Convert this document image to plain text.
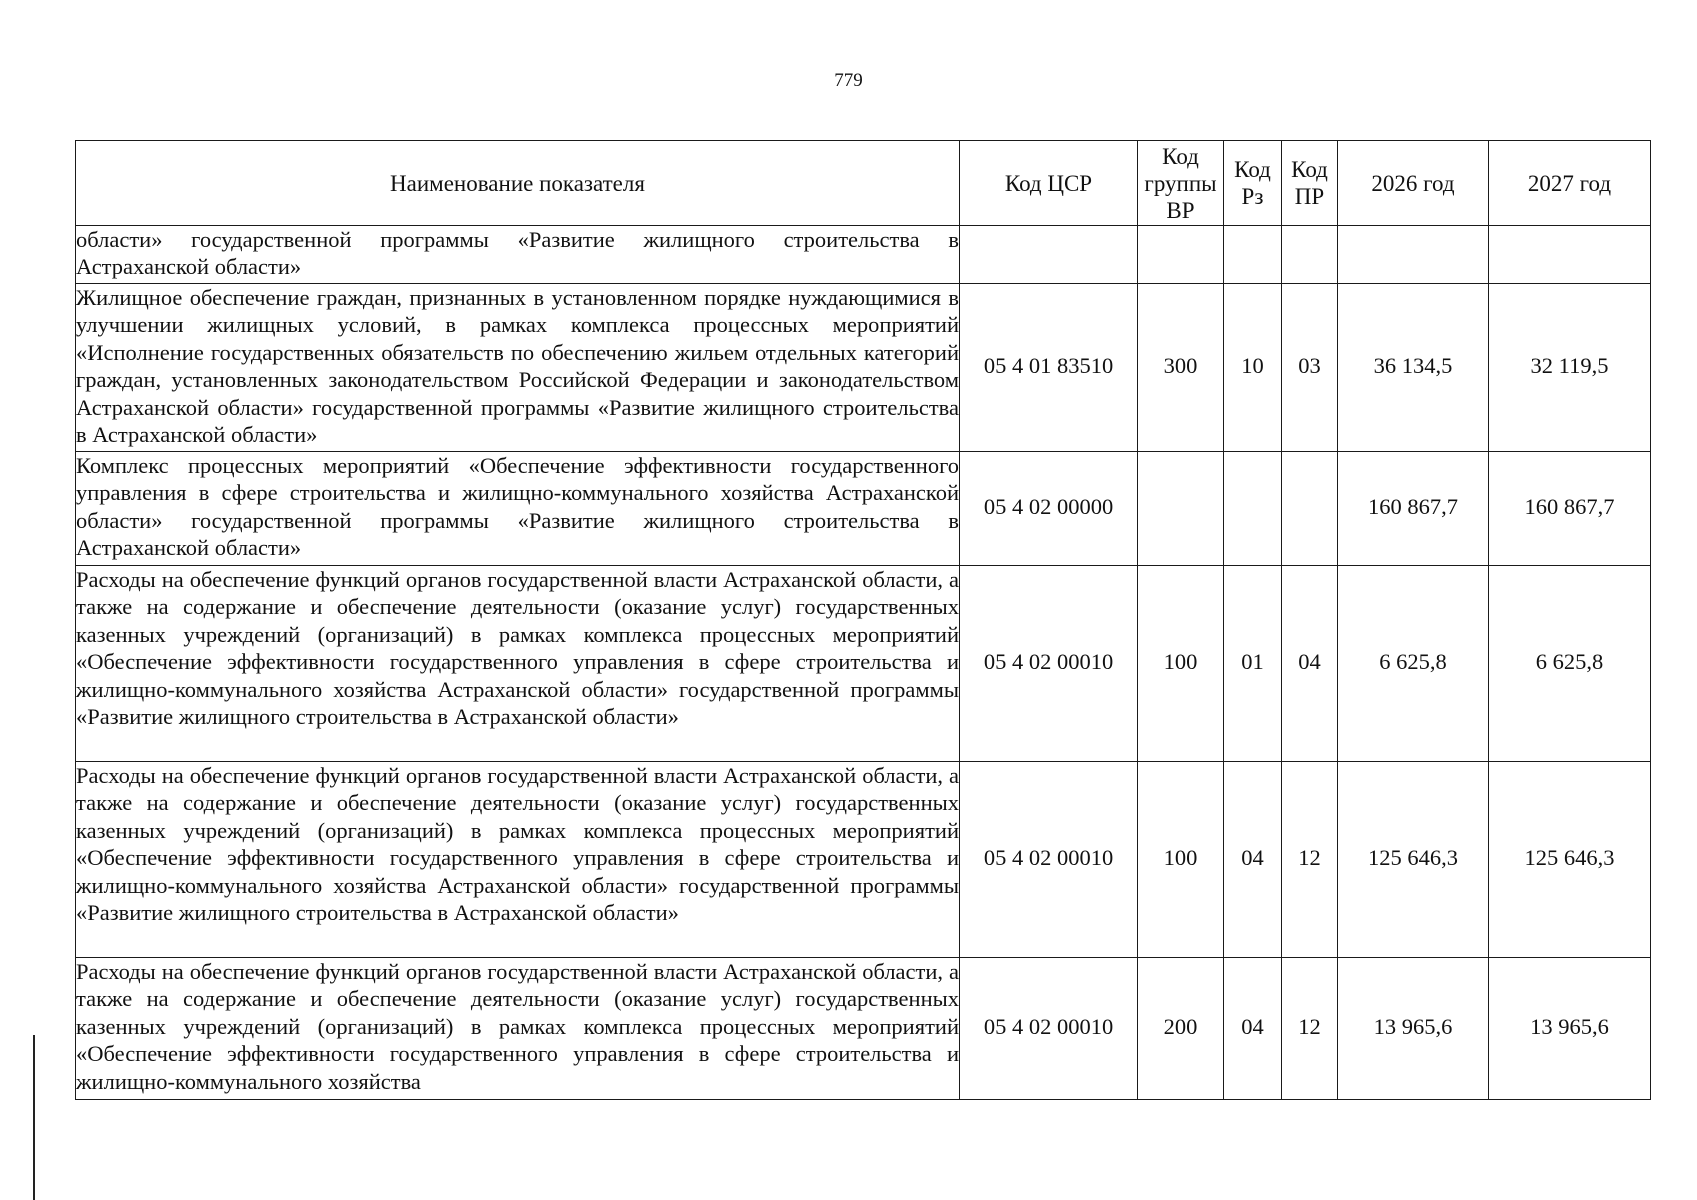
779
Наименование показателя	Код ЦСР	Код группы ВР	Код Рз	Код ПР	2026 год	2027 год
области» государственной программы «Развитие жилищного строительства в Астраханской области»						
Жилищное обеспечение граждан, признанных в установленном порядке нуждающимися в улучшении жилищных условий, в рамках комплекса процессных мероприятий «Исполнение государственных обязательств по обеспечению жильем отдельных категорий граждан, установленных законодательством Российской Федерации и законодательством Астраханской области» государственной программы «Развитие жилищного строительства в Астраханской области»	05 4 01 83510	300	10	03	36 134,5	32 119,5
Комплекс процессных мероприятий «Обеспечение эффективности государственного управления в сфере строительства и жилищно-коммунального хозяйства Астраханской области» государственной программы «Развитие жилищного строительства в Астраханской области»	05 4 02 00000				160 867,7	160 867,7
Расходы на обеспечение функций органов государственной власти Астраханской области, а также на содержание и обеспечение деятельности (оказание услуг) государственных казенных учреждений (организаций) в рамках комплекса процессных мероприятий «Обеспечение эффективности государственного управления в сфере строительства и жилищно-коммунального хозяйства Астраханской области» государственной программы «Развитие жилищного строительства в Астраханской области»	05 4 02 00010	100	01	04	6 625,8	6 625,8
Расходы на обеспечение функций органов государственной власти Астраханской области, а также на содержание и обеспечение деятельности (оказание услуг) государственных казенных учреждений (организаций) в рамках комплекса процессных мероприятий «Обеспечение эффективности государственного управления в сфере строительства и жилищно-коммунального хозяйства Астраханской области» государственной программы «Развитие жилищного строительства в Астраханской области»	05 4 02 00010	100	04	12	125 646,3	125 646,3
Расходы на обеспечение функций органов государственной власти Астраханской области, а также на содержание и обеспечение деятельности (оказание услуг) государственных казенных учреждений (организаций) в рамках комплекса процессных мероприятий «Обеспечение эффективности государственного управления в сфере строительства и жилищно-коммунального хозяйства	05 4 02 00010	200	04	12	13 965,6	13 965,6
